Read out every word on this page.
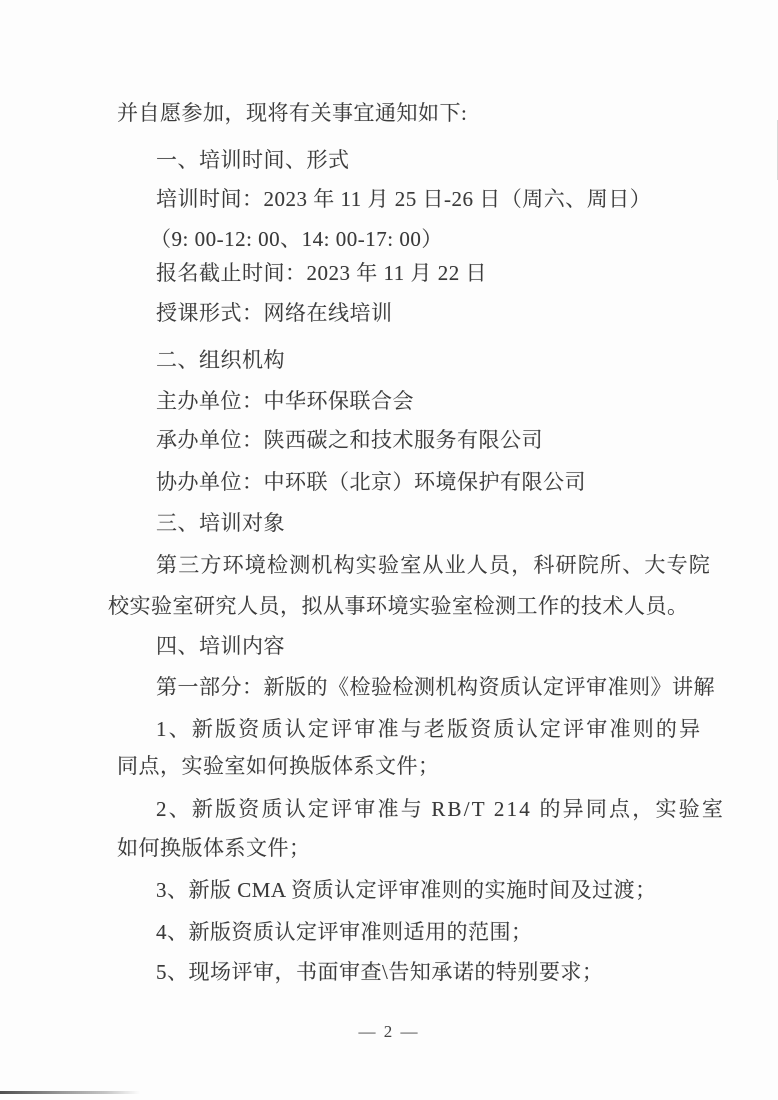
并自愿参加，现将有关事宜通知如下:
一、培训时间、形式
培训时间：2023 年 11 月 25 日-26 日（周六、周日）
（9: 00-12: 00、14: 00-17: 00）
报名截止时间：2023 年 11 月 22 日
授课形式：网络在线培训
二、组织机构
主办单位：中华环保联合会
承办单位：陕西碳之和技术服务有限公司
协办单位：中环联（北京）环境保护有限公司
三、培训对象
第三方环境检测机构实验室从业人员，科研院所、大专院
校实验室研究人员，拟从事环境实验室检测工作的技术人员。
四、培训内容
第一部分：新版的《检验检测机构资质认定评审准则》讲解
1、新版资质认定评审准与老版资质认定评审准则的异
同点，实验室如何换版体系文件；
2、新版资质认定评审准与 RB/T 214 的异同点，实验室
如何换版体系文件；
3、新版 CMA 资质认定评审准则的实施时间及过渡；
4、新版资质认定评审准则适用的范围；
5、现场评审，书面审查\告知承诺的特别要求；
— 2 —
